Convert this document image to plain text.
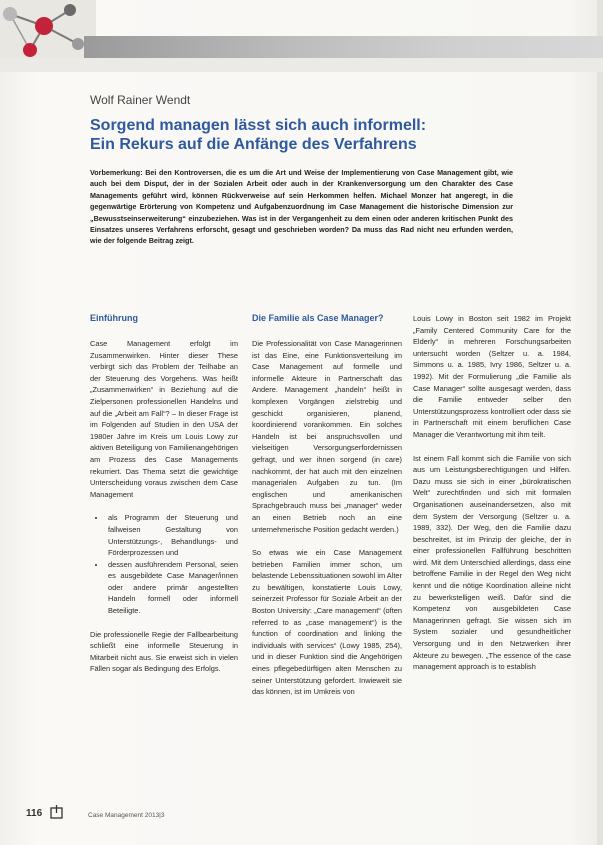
Wolf Rainer Wendt
Sorgend managen lässt sich auch informell:
Ein Rekurs auf die Anfänge des Verfahrens

Vorbemerkung: Bei den Kontroversen, die es um die Art und Weise der Implementierung von Case Management gibt, wie auch bei dem Disput, der in der Sozialen Arbeit oder auch in der Krankenversorgung um den Charakter des Case Managements geführt wird, können Rückverweise auf sein Herkommen helfen. Michael Monzer hat angeregt, in die gegenwärtige Erörterung von Kompetenz und Aufgabenzuordnung im Case Management die historische Dimension zur „Bewusstseinserweiterung“ einzubeziehen. Was ist in der Vergangenheit zu dem einen oder anderen kritischen Punkt des Einsatzes unseres Verfahrens erforscht, gesagt und geschrieben worden? Da muss das Rad nicht neu erfunden werden, wie der folgende Beitrag zeigt.

Einführung

Case Management erfolgt im Zusammenwirken. Hinter dieser These verbirgt sich das Problem der Teilhabe an der Steuerung des Vorgehens. Was heißt „Zusammenwirken“ in Beziehung auf die Zielpersonen professionellen Handelns und auf die „Arbeit am Fall“? – In dieser Frage ist im Folgenden auf Studien in den USA der 1980er Jahre im Kreis um Louis Lowy zur aktiven Beteiligung von Familienangehörigen am Prozess des Case Managements rekurriert. Das Thema setzt die gewichtige Unterscheidung voraus zwischen dem Case Management

• als Programm der Steuerung und fallweisen Gestaltung von Unterstützungs-, Behandlungs- und Förderprozessen und
• dessen ausführendem Personal, seien es ausgebildete Case Manager/innen oder andere primär angestellten Handeln formell oder informell Beteiligte.

Die professionelle Regie der Fallbearbeitung schließt eine informelle Steuerung in Mitarbeit nicht aus. Sie erweist sich in vielen Fällen sogar als Bedingung des Erfolgs.

Die Familie als Case Manager?

Die Professionalität von Case Managerinnen ist das Eine, eine Funktionsverteilung im Case Management auf formelle und informelle Akteure in Partnerschaft das Andere. Management „handeln“ heißt in komplexen Vorgängen zielstrebig und geschickt organisieren, planend, koordinierend vorankommen. Ein solches Handeln ist bei anspruchsvollen und vielseitigen Versorgungserfordernissen gefragt, und wer ihnen sorgend (in care) nachkommt, der hat auch mit den einzelnen managerialen Aufgaben zu tun. (Im englischen und amerikanischen Sprachgebrauch muss bei „manager“ weder an einen Betrieb noch an eine unternehmerische Position gedacht werden.)

So etwas wie ein Case Management betrieben Familien immer schon, um belastende Lebenssituationen sowohl im Alter zu bewältigen, konstatierte Louis Lowy, seinerzeit Professor für Soziale Arbeit an der Boston University: „Care management“ (often referred to as „case management“) is the function of coordination and linking the individuals with services“ (Lowy 1985, 254), und in dieser Funktion sind die Angehörigen eines pflegebedürftigen alten Menschen zu seiner Unterstützung gefordert. Inwieweit sie das können, ist im Umkreis von

Louis Lowy in Boston seit 1982 im Projekt „Family Centered Community Care for the Elderly“ in mehreren Forschungsarbeiten untersucht worden (Seltzer u. a. 1984, Simmons u. a. 1985, Ivry 1986, Seltzer u. a. 1992). Mit der Formulierung „die Familie als Case Manager“ sollte ausgesagt werden, dass die Familie entweder selber den Unterstützungsprozess kontrolliert oder dass sie in Partnerschaft mit einem beruflichen Case Manager die Verantwortung mit ihm teilt.

Ist einem Fall kommt sich die Familie von sich aus um Leistungsberechtigungen und Hilfen. Dazu muss sie sich in einer „bürokratischen Welt“ zurechtfinden und sich mit formalen Organisationen auseinandersetzen, also mit dem System der Versorgung (Seltzer u. a. 1989, 332). Der Weg, den die Familie dazu beschreitet, ist im Prinzip der gleiche, der in einer professionellen Fallführung beschritten wird. Mit dem Unterschied allerdings, dass eine betroffene Familie in der Regel den Weg nicht kennt und die nötige Koordination alleine nicht zu bewerkstelligen weiß. Dafür sind die Kompetenz von ausgebildeten Case Managerinnen gefragt. Sie wissen sich im System sozialer und gesundheitlicher Versorgung und in den Netzwerken ihrer Akteure zu bewegen. „The essence of the case management approach is to establish

116	Case Management 2013|3
